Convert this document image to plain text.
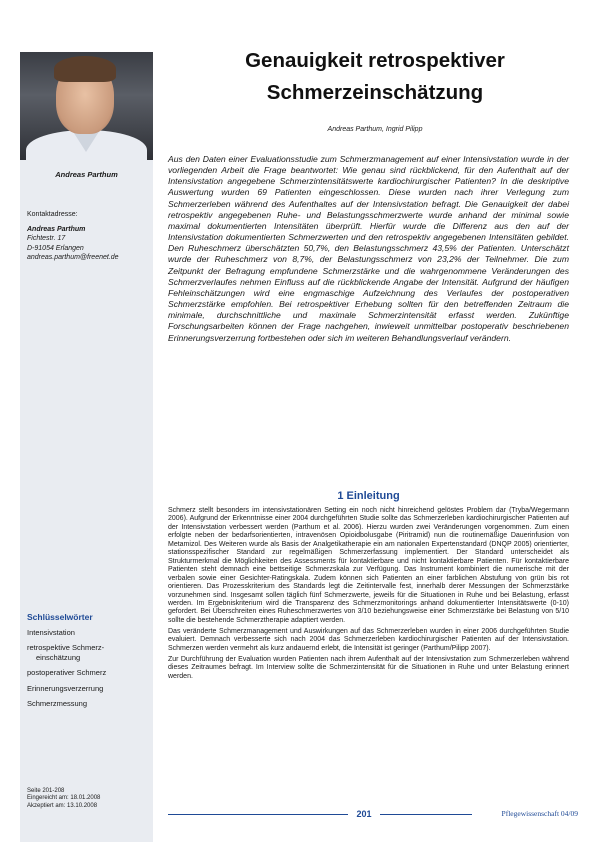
Andreas Parthum
Kontaktadresse:
Andreas Parthum
Fichtestr. 17
D-91054 Erlangen
andreas.parthum@freenet.de
Schlüsselwörter
Intensivstation
retrospektive Schmerz-
einschätzung
postoperativer Schmerz
Erinnerungsverzerrung
Schmerzmessung
Seite 201-208
Eingereicht am: 18.01.2008
Akzeptiert am: 13.10.2008
Genauigkeit retrospektiver
Schmerzeinschätzung
Andreas Parthum, Ingrid Pilipp

Aus den Daten einer Evaluationsstudie zum Schmerzmanagement auf einer Intensivstation wurde in der vorliegenden Arbeit die Frage beantwortet: Wie genau sind rückblickend, für den Aufenthalt auf der Intensivstation angegebene Schmerzintensitätswerte kardiochirurgischer Patienten? In die deskriptive Auswertung wurden 69 Patienten eingeschlossen. Diese wurden nach ihrer Verlegung zum Schmerzerleben während des Aufenthaltes auf der Intensivstation befragt. Die Genauigkeit der dabei retrospektiv angegebenen Ruhe- und Belastungsschmerzwerte wurde anhand der minimal sowie maximal dokumentierten Intensitäten überprüft. Hierfür wurde die Differenz aus den auf der Intensivstation dokumentierten Schmerzwerten und den retrospektiv angegebenen Intensitäten gebildet. Den Ruheschmerz überschätzten 50,7%, den Belastungsschmerz 43,5% der Patienten. Unterschätzt wurde der Ruheschmerz von 8,7%, der Belastungsschmerz von 23,2% der Teilnehmer. Die zum Zeitpunkt der Befragung empfundene Schmerzstärke und die wahrgenommene Veränderungen des Schmerzverlaufes nehmen Einfluss auf die rückblickende Angabe der Intensität. Aufgrund der häufigen Fehleinschätzungen wird eine engmaschige Aufzeichnung des Verlaufes der postoperativen Schmerzstärke empfohlen. Bei retrospektiver Erhebung sollten für den betreffenden Zeitraum die minimale, durchschnittliche und maximale Schmerzintensität erfasst werden. Zukünftige Forschungsarbeiten können der Frage nachgehen, inwieweit unmittelbar postoperativ beschriebenen Erinnerungsverzerrung fortbestehen oder sich im weiteren Behandlungsverlauf verändern.

1 Einleitung

Schmerz stellt besonders im intensivstationären Setting ein noch nicht hinreichend gelöstes Problem dar (Tryba/Wegermann 2006). Aufgrund der Erkenntnisse einer 2004 durchgeführten Studie sollte das Schmerzerleben kardiochirurgischer Patienten auf der Intensivstation verbessert werden (Parthum et al. 2006). Hierzu wurden zwei Veränderungen vorgenommen. Zum einen erfolgte neben der bedarfsorientierten, intravenösen Opioidbolusgabe (Piritramid) nun die routinemäßige Dauerinfusion von Metamizol. Des Weiteren wurde als Basis der Analgetikatherapie ein am nationalen Expertenstandard (DNQP 2005) orientierter, stationsspezifischer Standard zur regelmäßigen Schmerzerfassung implementiert. Der Standard unterscheidet als Strukturmerkmal die Möglichkeiten des Assessments für kontaktierbare und nicht kontaktierbare Patienten. Für kontaktierbare Patienten steht demnach eine bettseitige Schmerzskala zur Verfügung. Das Instrument kombiniert die numerische mit der verbalen sowie einer Gesichter-Ratingskala. Zudem können sich Patienten an einer farblichen Abstufung von grün bis rot orientieren. Das Prozesskriterium des Standards legt die Zeitintervalle fest, innerhalb derer Messungen der Schmerzstärke vorzunehmen sind. Insgesamt sollen täglich fünf Schmerzwerte, jeweils für die Situationen in Ruhe und bei Belastung, erfasst werden. Im Ergebniskriterium wird die Transparenz des Schmerzmonitorings anhand dokumentierter Intensitätswerte (0-10) gefordert. Bei Überschreiten eines Ruheschmerzwertes von 3/10 beziehungsweise einer Schmerzstärke bei Belastung von 5/10 sollte die bestehende Schmerztherapie adaptiert werden.

Das veränderte Schmerzmanagement und Auswirkungen auf das Schmerzerleben wurden in einer 2006 durchgeführten Studie evaluiert. Demnach verbesserte sich nach 2004 das Schmerzerleben kardiochirurgischer Patienten auf der Intensivstation. Schmerzen werden vermehrt als kurz andauernd erlebt, die Intensität ist geringer (Parthum/Pilipp 2007).

Zur Durchführung der Evaluation wurden Patienten nach ihrem Aufenthalt auf der Intensivstation zum Schmerzerleben während dieses Zeitraumes befragt. Im Interview sollte die Schmerzintensität für die Situationen in Ruhe und unter Belastung erinnert werden.

201	Pflegewissenschaft 04/09
